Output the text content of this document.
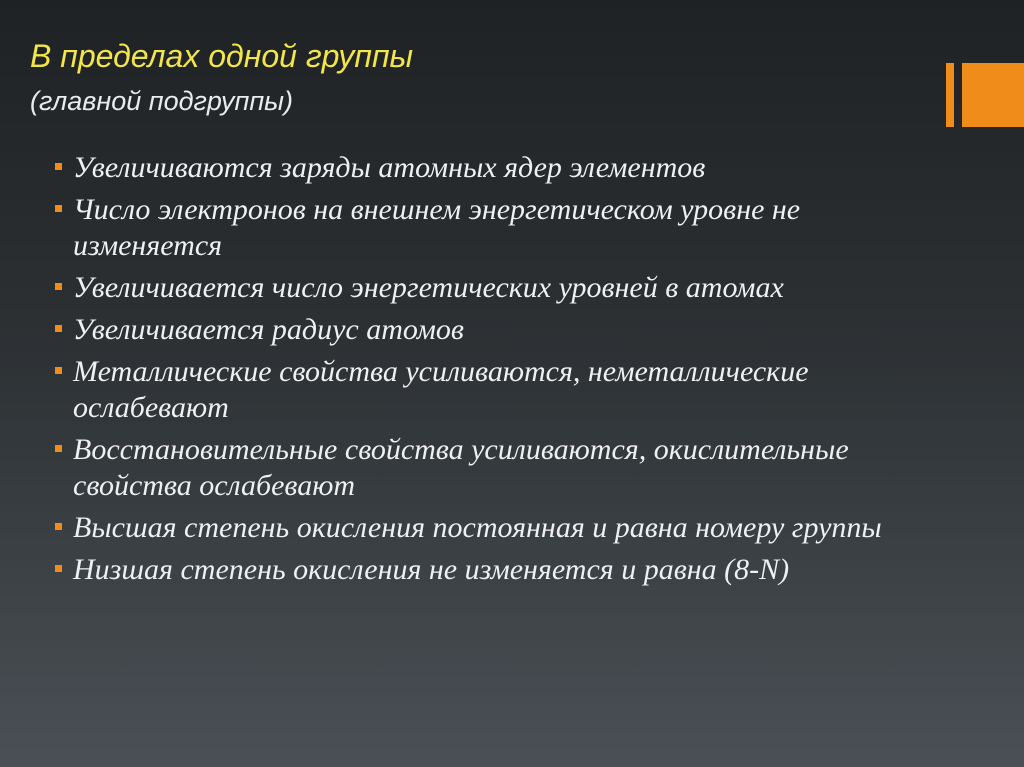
В пределах одной группы
(главной подгруппы)
Увеличиваются заряды атомных ядер элементов
Число электронов на внешнем энергетическом уровне не изменяется
Увеличивается число энергетических уровней в атомах
Увеличивается радиус атомов
Металлические свойства усиливаются, неметаллические ослабевают
Восстановительные свойства усиливаются, окислительные свойства ослабевают
Высшая степень окисления постоянная и равна номеру группы
Низшая степень окисления не изменяется и равна (8-N)
